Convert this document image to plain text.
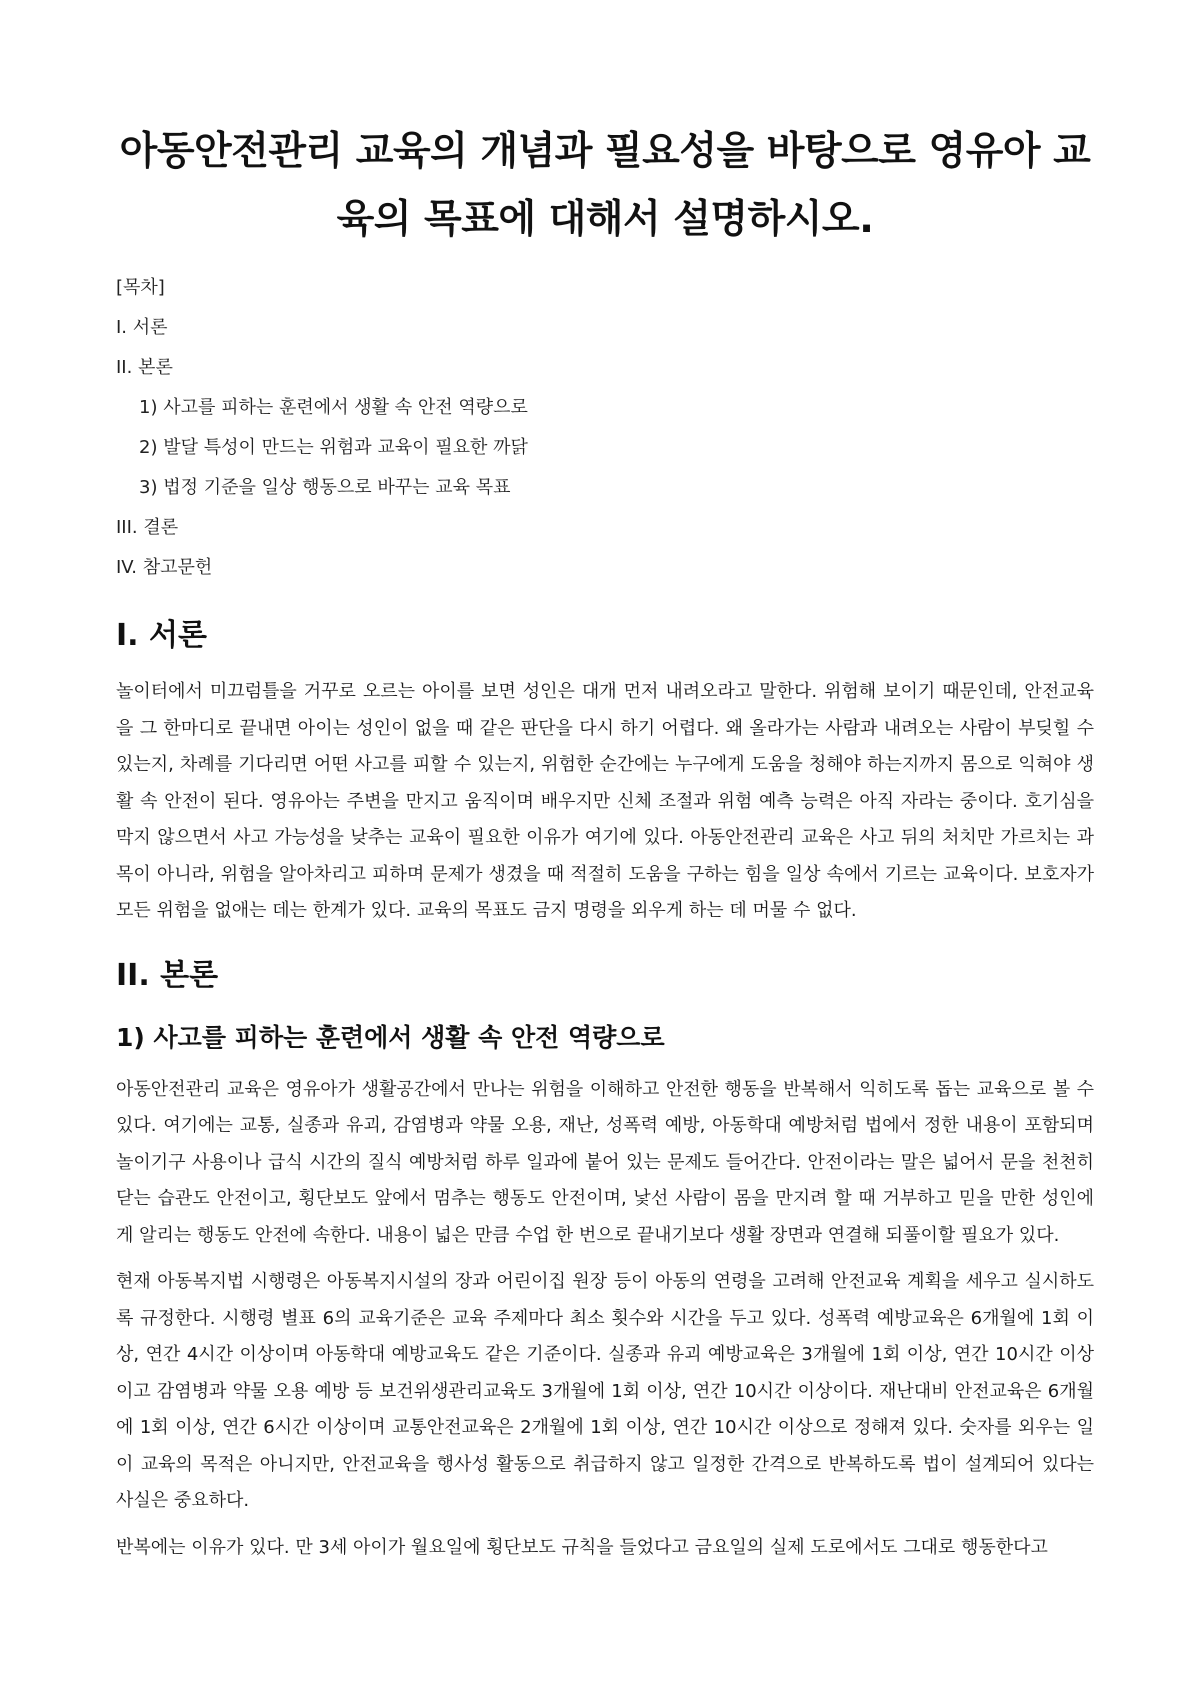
아동안전관리 교육의 개념과 필요성을 바탕으로 영유아 교육의 목표에 대해서 설명하시오.
[목차]
I. 서론
II. 본론
1) 사고를 피하는 훈련에서 생활 속 안전 역량으로
2) 발달 특성이 만드는 위험과 교육이 필요한 까닭
3) 법정 기준을 일상 행동으로 바꾸는 교육 목표
III. 결론
IV. 참고문헌
I. 서론

놀이터에서 미끄럼틀을 거꾸로 오르는 아이를 보면 성인은 대개 먼저 내려오라고 말한다. 위험해 보이기 때문인데, 안전교육을 그 한마디로 끝내면 아이는 성인이 없을 때 같은 판단을 다시 하기 어렵다. 왜 올라가는 사람과 내려오는 사람이 부딪힐 수 있는지, 차례를 기다리면 어떤 사고를 피할 수 있는지, 위험한 순간에는 누구에게 도움을 청해야 하는지까지 몸으로 익혀야 생활 속 안전이 된다. 영유아는 주변을 만지고 움직이며 배우지만 신체 조절과 위험 예측 능력은 아직 자라는 중이다. 호기심을 막지 않으면서 사고 가능성을 낮추는 교육이 필요한 이유가 여기에 있다. 아동안전관리 교육은 사고 뒤의 처치만 가르치는 과목이 아니라, 위험을 알아차리고 피하며 문제가 생겼을 때 적절히 도움을 구하는 힘을 일상 속에서 기르는 교육이다. 보호자가 모든 위험을 없애는 데는 한계가 있다. 교육의 목표도 금지 명령을 외우게 하는 데 머물 수 없다.

II. 본론
1) 사고를 피하는 훈련에서 생활 속 안전 역량으로

아동안전관리 교육은 영유아가 생활공간에서 만나는 위험을 이해하고 안전한 행동을 반복해서 익히도록 돕는 교육으로 볼 수 있다. 여기에는 교통, 실종과 유괴, 감염병과 약물 오용, 재난, 성폭력 예방, 아동학대 예방처럼 법에서 정한 내용이 포함되며 놀이기구 사용이나 급식 시간의 질식 예방처럼 하루 일과에 붙어 있는 문제도 들어간다. 안전이라는 말은 넓어서 문을 천천히 닫는 습관도 안전이고, 횡단보도 앞에서 멈추는 행동도 안전이며, 낯선 사람이 몸을 만지려 할 때 거부하고 믿을 만한 성인에게 알리는 행동도 안전에 속한다. 내용이 넓은 만큼 수업 한 번으로 끝내기보다 생활 장면과 연결해 되풀이할 필요가 있다.

현재 아동복지법 시행령은 아동복지시설의 장과 어린이집 원장 등이 아동의 연령을 고려해 안전교육 계획을 세우고 실시하도록 규정한다. 시행령 별표 6의 교육기준은 교육 주제마다 최소 횟수와 시간을 두고 있다. 성폭력 예방교육은 6개월에 1회 이상, 연간 4시간 이상이며 아동학대 예방교육도 같은 기준이다. 실종과 유괴 예방교육은 3개월에 1회 이상, 연간 10시간 이상이고 감염병과 약물 오용 예방 등 보건위생관리교육도 3개월에 1회 이상, 연간 10시간 이상이다. 재난대비 안전교육은 6개월에 1회 이상, 연간 6시간 이상이며 교통안전교육은 2개월에 1회 이상, 연간 10시간 이상으로 정해져 있다. 숫자를 외우는 일이 교육의 목적은 아니지만, 안전교육을 행사성 활동으로 취급하지 않고 일정한 간격으로 반복하도록 법이 설계되어 있다는 사실은 중요하다.

반복에는 이유가 있다. 만 3세 아이가 월요일에 횡단보도 규칙을 들었다고 금요일의 실제 도로에서도 그대로 행동한다고
